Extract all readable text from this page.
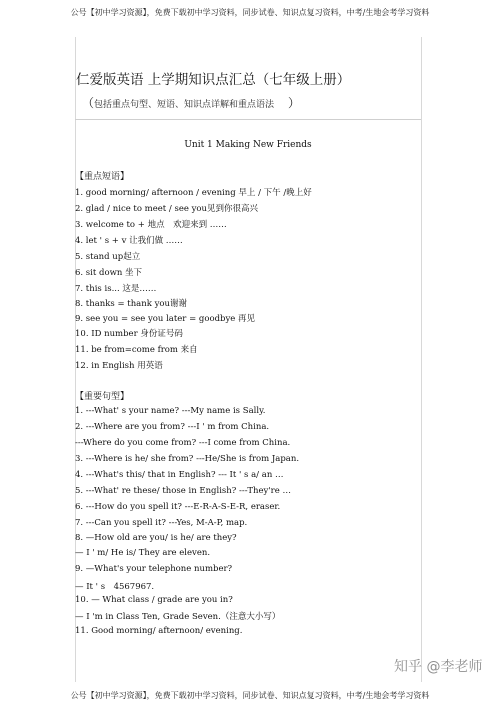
公号【初中学习资源】，免费下载初中学习资料，同步试卷、知识点复习资料，中考/生地会考学习资料
仁爱版英语 上学期知识点汇总（七年级上册）
（包括重点句型、短语、知识点详解和重点语法 ）
Unit 1 Making New Friends
【重点短语】
1. good morning/ afternoon / evening 早上 / 下午 /晚上好
2. glad / nice to meet / see you见到你很高兴
3. welcome to + 地点　欢迎来到 ……
4. let ' s + v 让我们做 ……
5. stand up起立
6. sit down 坐下
7. this is... 这是……
8. thanks = thank you谢谢
9. see you = see you later = goodbye 再见
10. ID number 身份证号码
11. be from=come from 来自
12. in English 用英语
【重要句型】
1. ---What' s your name? ---My name is Sally.
2. ---Where are you from? ---I ' m from China.
---Where do you come from? ---I come from China.
3. ---Where is he/ she from? ---He/She is from Japan.
4. ---What's this/ that in English? --- It ' s a/ an …
5. ---What' re these/ those in English? ---They're …
6. ---How do you spell it? ---E-R-A-S-E-R, eraser.
7. ---Can you spell it? ---Yes, M-A-P, map.
8. —How old are you/ is he/ are they?
— I ' m/ He is/ They are eleven.
9. —What's your telephone number?
— It ' s　4567967.
10. — What class / grade are you in?
— I 'm in Class Ten, Grade Seven.（注意大小写）
11. Good morning/ afternoon/ evening.
知乎 @李老师
公号【初中学习资源】，免费下载初中学习资料，同步试卷、知识点复习资料，中考/生地会考学习资料
